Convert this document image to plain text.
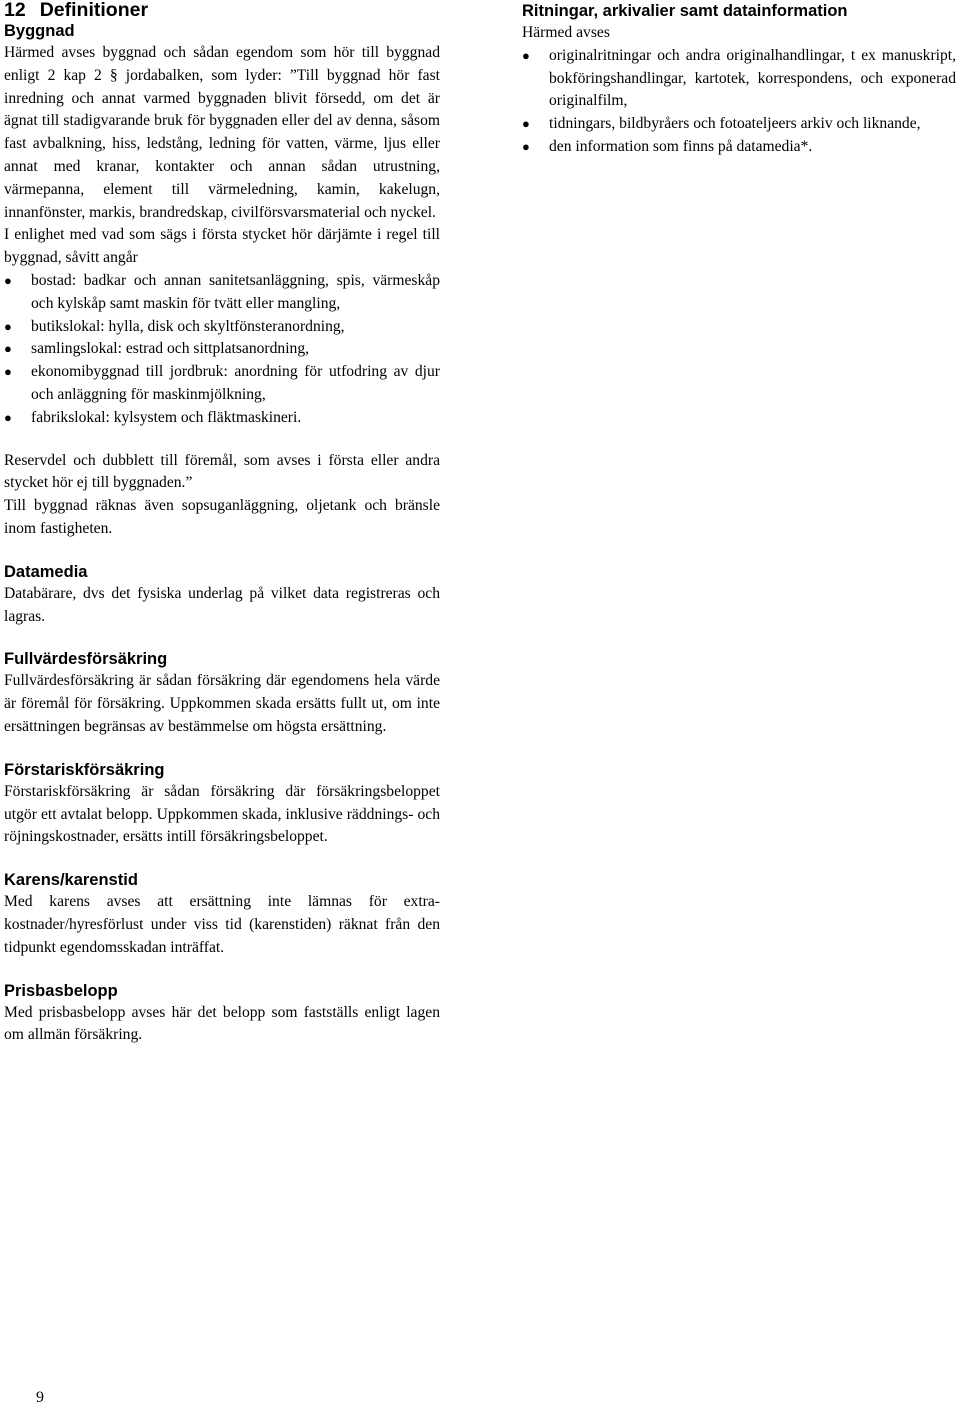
12 Definitioner
Byggnad

Härmed avses byggnad och sådan egendom som hör till byggnad enligt 2 kap 2 § jordabalken, som lyder: ”Till byggnad hör fast inredning och annat varmed byggnaden blivit försedd, om det är ägnat till stadigvarande bruk för byggnaden eller del av denna, såsom fast avbalkning, hiss, ledstång, ledning för vatten, värme, ljus eller annat med kranar, kontakter och annan sådan utrustning, värmepanna, element till värmeledning, kamin, kakelugn, innanfönster, markis, brandredskap, civilförsvarsmaterial och nyckel.

I enlighet med vad som sägs i första stycket hör därjämte i regel till byggnad, såvitt angår

●	bostad: badkar och annan sanitetsanläggning, spis, värmeskåp och kylskåp samt maskin för tvätt eller mangling,
●	butikslokal: hylla, disk och skyltfönsteranordning,
●	samlingslokal: estrad och sittplatsanordning,
●	ekonomibyggnad till jordbruk: anordning för utfodring av djur och anläggning för maskinmjölkning,
●	fabrikslokal: kylsystem och fläktmaskineri.

Reservdel och dubblett till föremål, som avses i första eller andra stycket hör ej till byggnaden.”

Till byggnad räknas även sopsuganläggning, oljetank och bränsle inom fastigheten.

Datamedia

Databärare, dvs det fysiska underlag på vilket data registreras och lagras.

Fullvärdesförsäkring

Fullvärdesförsäkring är sådan försäkring där egendomens hela värde är föremål för försäkring. Uppkommen skada ersätts fullt ut, om inte ersättningen begränsas av bestämmelse om högsta ersättning.

Förstariskförsäkring

Förstariskförsäkring är sådan försäkring där försäkringsbeloppet utgör ett avtalat belopp. Uppkommen skada, inklusive räddnings- och röjningskostnader, ersätts intill försäkringsbeloppet.

Karens/karenstid

Med karens avses att ersättning inte lämnas för extrakostnader/hyresförlust under viss tid (karenstiden) räknat från den tidpunkt egendomsskadan inträffat.

Prisbasbelopp

Med prisbasbelopp avses här det belopp som fastställs enligt lagen om allmän försäkring.

Ritningar, arkivalier samt datainformation

Härmed avses

●	originalritningar och andra originalhandlingar, t ex manuskript, bokföringshandlingar, kartotek, korrespondens, och exponerad originalfilm,
●	tidningars, bildbyråers och fotoateljeers arkiv och liknande,
●	den information som finns på datamedia*.
9
